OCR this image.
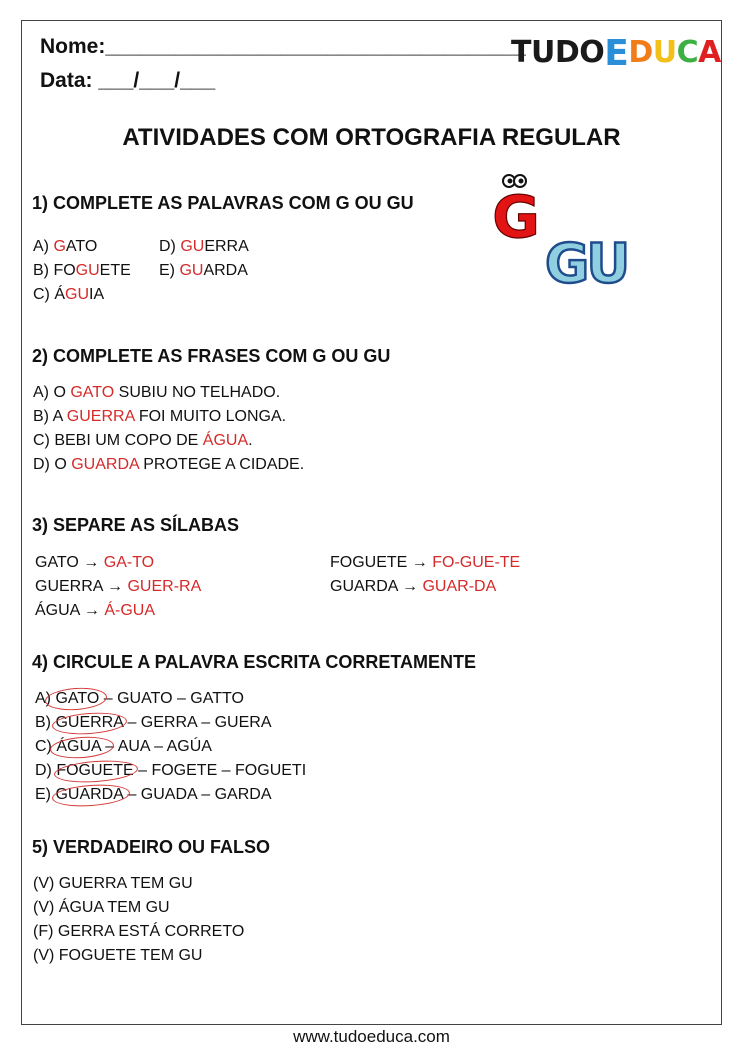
Nome:____________________________________
Data: ___/___/___
TUDOEDUCA
ATIVIDADES COM ORTOGRAFIA REGULAR
1) COMPLETE AS PALAVRAS COM G OU GU
A) GATO
B) FOGUETE
C) ÁGUIA
D) GUERRA
E) GUARDA
G
GU
2) COMPLETE AS FRASES COM G OU GU
A) O GATO SUBIU NO TELHADO.
B) A GUERRA FOI MUITO LONGA.
C) BEBI UM COPO DE ÁGUA.
D) O GUARDA PROTEGE A CIDADE.
3) SEPARE AS SÍLABAS
GATO → GA-TO
GUERRA → GUER-RA
ÁGUA → Á-GUA
FOGUETE → FO-GUE-TE
GUARDA → GUAR-DA
4) CIRCULE A PALAVRA ESCRITA CORRETAMENTE
A) GATO – GUATO – GATTO
B) GUERRA – GERRA – GUERA
C) ÁGUA – AUA – AGÚA
D) FOGUETE – FOGETE – FOGUETI
E) GUARDA – GUADA – GARDA
5) VERDADEIRO OU FALSO
(V) GUERRA TEM GU
(V) ÁGUA TEM GU
(F) GERRA ESTÁ CORRETO
(V) FOGUETE TEM GU
www.tudoeduca.com
